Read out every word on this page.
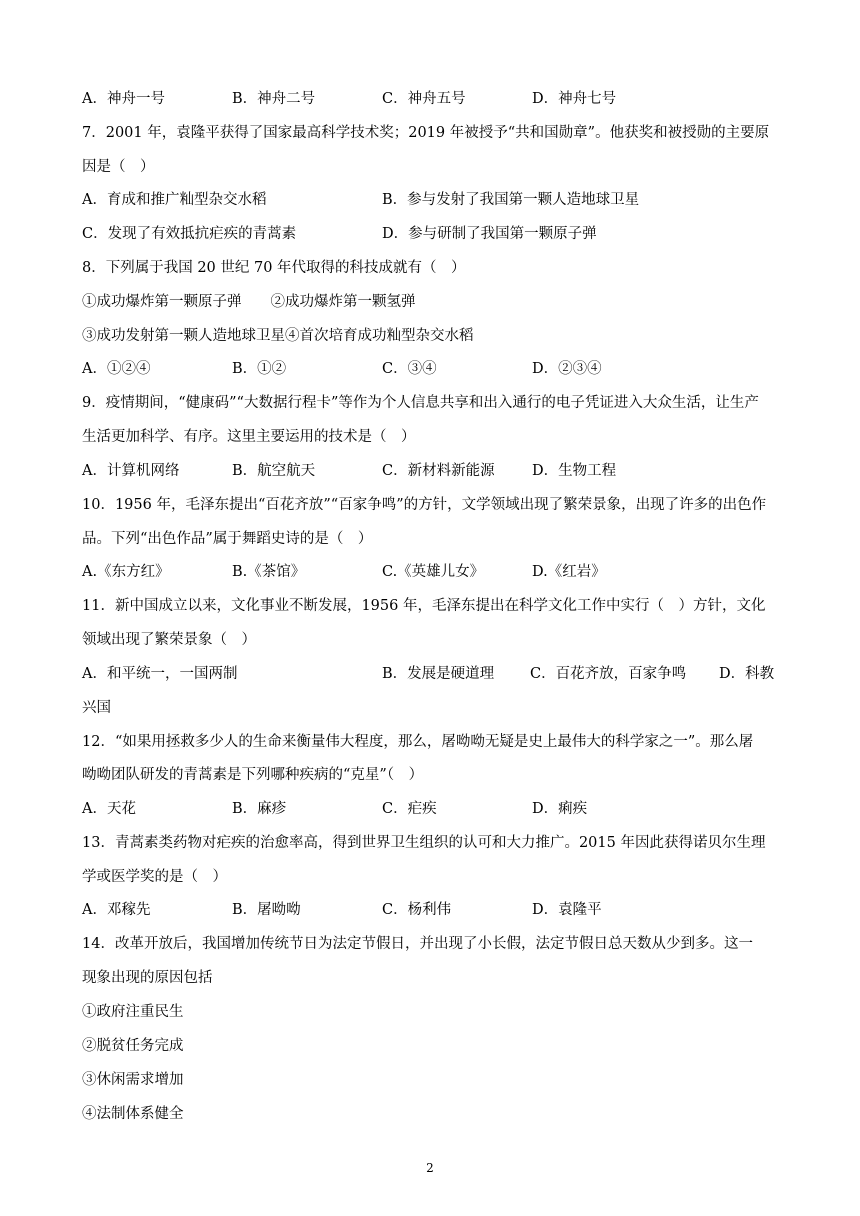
A．神舟一号	B．神舟二号	C．神舟五号	D．神舟七号
7．2001 年，袁隆平获得了国家最高科学技术奖；2019 年被授予“共和国勋章”。他获奖和被授勋的主要原
因是（　）
A．育成和推广籼型杂交水稻	B．参与发射了我国第一颗人造地球卫星
C．发现了有效抵抗疟疾的青蒿素	D．参与研制了我国第一颗原子弹
8．下列属于我国 20 世纪 70 年代取得的科技成就有（　）
①成功爆炸第一颗原子弹　　②成功爆炸第一颗氢弹
③成功发射第一颗人造地球卫星④首次培育成功籼型杂交水稻
A．①②④	B．①②	C．③④	D．②③④
9．疫情期间，“健康码”“大数据行程卡”等作为个人信息共享和出入通行的电子凭证进入大众生活，让生产
生活更加科学、有序。这里主要运用的技术是（　）
A．计算机网络	B．航空航天	C．新材料新能源	D．生物工程
10．1956 年，毛泽东提出“百花齐放”“百家争鸣”的方针，文学领域出现了繁荣景象，出现了许多的出色作
品。下列“出色作品”属于舞蹈史诗的是（　）
A.《东方红》	B.《茶馆》	C.《英雄儿女》	D.《红岩》
11．新中国成立以来，文化事业不断发展，1956 年，毛泽东提出在科学文化工作中实行（　）方针，文化
领域出现了繁荣景象（　）
A．和平统一，一国两制	B．发展是硬道理 C．百花齐放，百家争鸣 D．科教
兴国
12．“如果用拯救多少人的生命来衡量伟大程度，那么，屠呦呦无疑是史上最伟大的科学家之一”。那么屠
呦呦团队研发的青蒿素是下列哪种疾病的“克星”（　）
A．天花	B．麻疹	C．疟疾	D．痢疾
13．青蒿素类药物对疟疾的治愈率高，得到世界卫生组织的认可和大力推广。2015 年因此获得诺贝尔生理
学或医学奖的是（　）
A．邓稼先	B．屠呦呦	C．杨利伟	D．袁隆平
14．改革开放后，我国增加传统节日为法定节假日，并出现了小长假，法定节假日总天数从少到多。这一
现象出现的原因包括
①政府注重民生
②脱贫任务完成
③休闲需求增加
④法制体系健全
2
